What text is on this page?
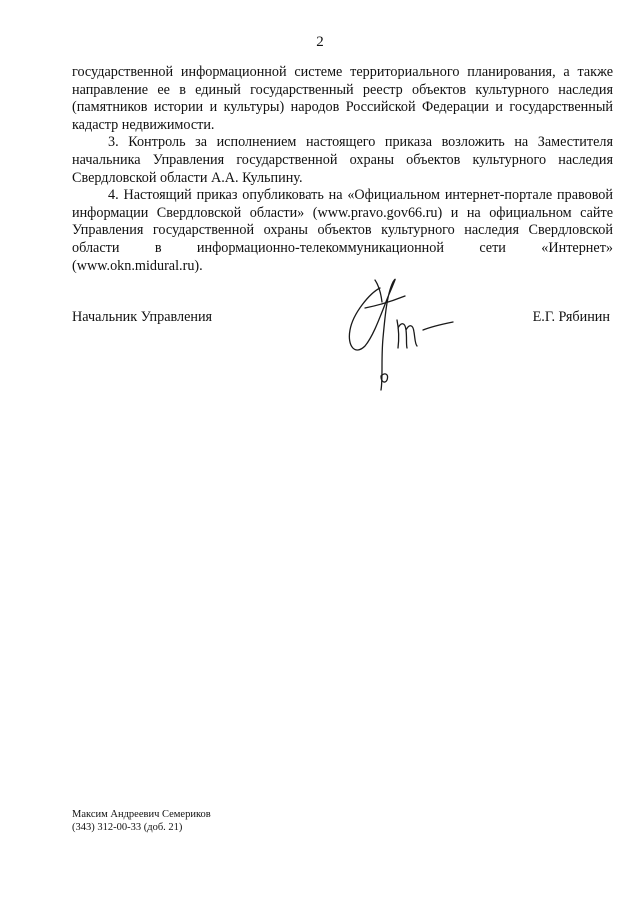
2

государственной информационной системе территориального планирования, а также направление ее в единый государственный реестр объектов культурного наследия (памятников истории и культуры) народов Российской Федерации и государственный кадастр недвижимости.

3. Контроль за исполнением настоящего приказа возложить на Заместителя начальника Управления государственной охраны объектов культурного наследия Свердловской области А.А. Кульпину.

4. Настоящий приказ опубликовать на «Официальном интернет-портале правовой информации Свердловской области» (www.pravo.gov66.ru) и на официальном сайте Управления государственной охраны объектов культурного наследия Свердловской области в информационно-телекоммуникационной сети «Интернет» (www.okn.midural.ru).

Начальник Управления	Е.Г. Рябинин
Максим Андреевич Семериков
(343) 312-00-33 (доб. 21)
